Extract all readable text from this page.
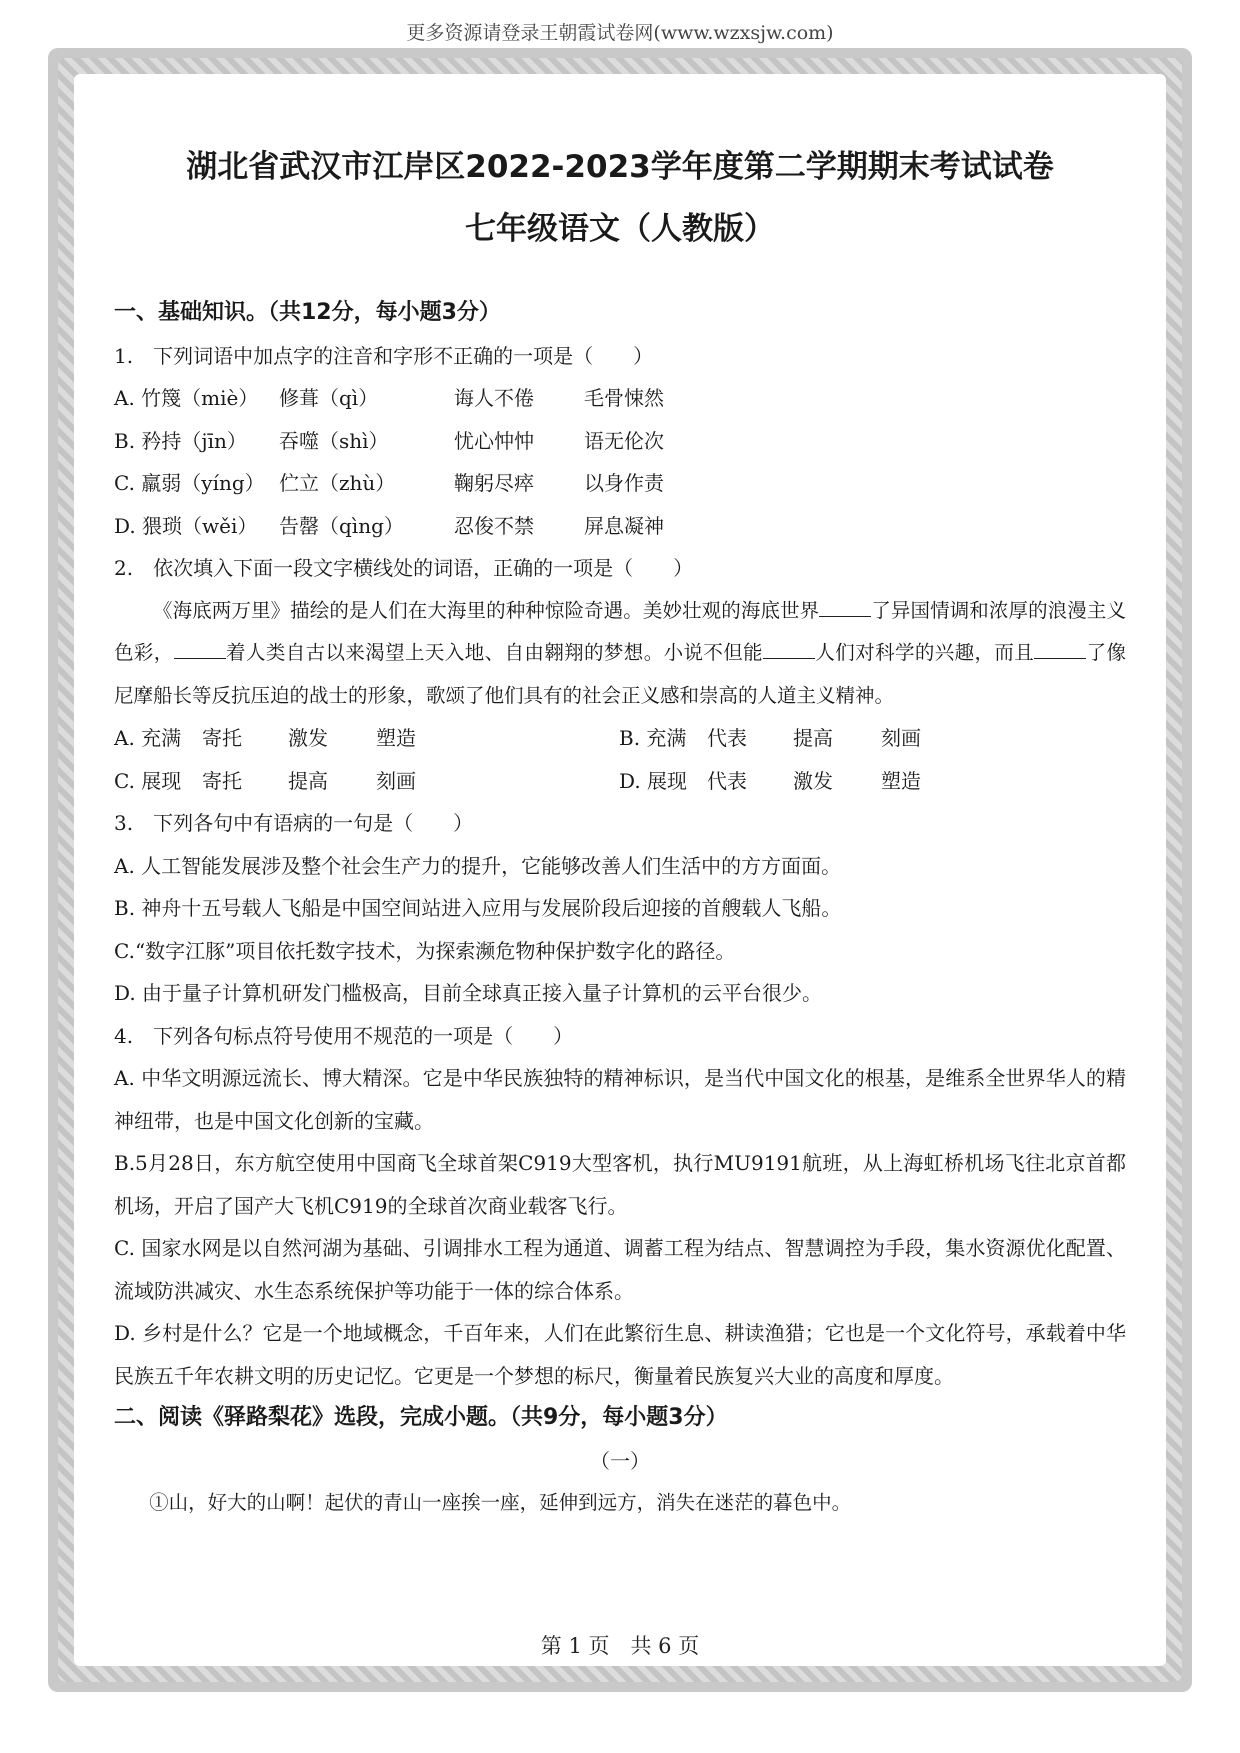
更多资源请登录王朝霞试卷网(www.wzxsjw.com)
湖北省武汉市江岸区2022-2023学年度第二学期期末考试试卷
七年级语文（人教版）
一、基础知识。（共12分，每小题3分）
1.　下列词语中加点字的注音和字形不正确的一项是（　　）
A. 竹篾（miè）	修葺（qì）	诲人不倦	毛骨悚然
B. 矜持（jīn）	吞噬（shì）	忧心忡忡	语无伦次
C. 羸弱（yíng） 伫立（zhù）	鞠躬尽瘁	以身作责
D. 猥琐（wěi）	告罄（qìng）	忍俊不禁	屏息凝神
2.　依次填入下面一段文字横线处的词语，正确的一项是（　　）
《海底两万里》描绘的是人们在大海里的种种惊险奇遇。美妙壮观的海底世界	了异国情调和浓厚的浪漫主义色彩，	着人类自古以来渴望上天入地、自由翱翔的梦想。小说不但能	人们对科学的兴趣，而且	了像尼摩船长等反抗压迫的战士的形象，歌颂了他们具有的社会正义感和崇高的人道主义精神。
A. 充满	寄托	激发	塑造	B. 充满	代表	提高	刻画
C. 展现	寄托	提高	刻画	D. 展现 代表	激发	塑造
3.　下列各句中有语病的一句是（　　）
A. 人工智能发展涉及整个社会生产力的提升，它能够改善人们生活中的方方面面。
B. 神舟十五号载人飞船是中国空间站进入应用与发展阶段后迎接的首艘载人飞船。
C.“数字江豚”项目依托数字技术，为探索濒危物种保护数字化的路径。
D. 由于量子计算机研发门槛极高，目前全球真正接入量子计算机的云平台很少。
4.　下列各句标点符号使用不规范的一项是（　　）
A. 中华文明源远流长、博大精深。它是中华民族独特的精神标识，是当代中国文化的根基，是维系全世界华人的精神纽带，也是中国文化创新的宝藏。
B.5月28日，东方航空使用中国商飞全球首架C919大型客机，执行MU9191航班，从上海虹桥机场飞往北京首都机场，开启了国产大飞机C919的全球首次商业载客飞行。
C. 国家水网是以自然河湖为基础、引调排水工程为通道、调蓄工程为结点、智慧调控为手段，集水资源优化配置、流域防洪减灾、水生态系统保护等功能于一体的综合体系。
D. 乡村是什么？它是一个地域概念，千百年来，人们在此繁衍生息、耕读渔猎；它也是一个文化符号，承载着中华民族五千年农耕文明的历史记忆。它更是一个梦想的标尺，衡量着民族复兴大业的高度和厚度。
二、阅读《驿路梨花》选段，完成小题。（共9分，每小题3分）
（一）
①山，好大的山啊！起伏的青山一座挨一座，延伸到远方，消失在迷茫的暮色中。
第 1 页　共 6 页
